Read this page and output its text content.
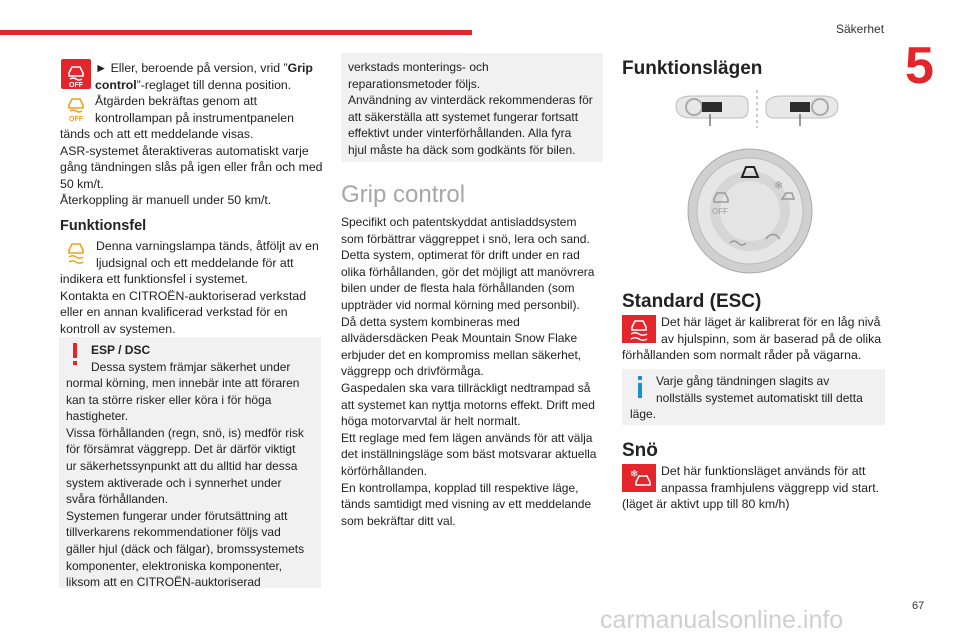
Säkerhet
5
OFF
OFF

► Eller, beroende på version, vrid ”Grip

control”-reglaget till denna position.

Åtgärden bekräftas genom att

kontrollampan på instrumentpanelen

tänds och att ett meddelande visas.

ASR-systemet återaktiveras automatiskt varje

gång tändningen slås på igen eller från och med

50 km/t.

Återkoppling är manuell under 50 km/t.

Funktionsfel

Denna varningslampa tänds, åtföljt av en

ljudsignal och ett meddelande för att

indikera ett funktionsfel i systemet.

Kontakta en CITROËN-auktoriserad verkstad

eller en annan kvalificerad verkstad för en

kontroll av systemen.

ESP / DSC

Dessa system främjar säkerhet under

normal körning, men innebär inte att föraren

kan ta större risker eller köra i för höga

hastigheter.

Vissa förhållanden (regn, snö, is) medför risk

för försämrat väggrepp. Det är därför viktigt

ur säkerhetssynpunkt att du alltid har dessa

system aktiverade och i synnerhet under

svåra förhållanden.

Systemen fungerar under förutsättning att

tillverkarens rekommendationer följs vad

gäller hjul (däck och fälgar), bromssystemets

komponenter, elektroniska komponenter,

liksom att en CITROËN-auktoriserad

verkstads monterings- och

reparationsmetoder följs.

Användning av vinterdäck rekommenderas för

att säkerställa att systemet fungerar fortsatt

effektivt under vinterförhållanden. Alla fyra

hjul måste ha däck som godkänts för bilen.

Grip control

Specifikt och patentskyddat antisladdsystem

som förbättrar väggreppet i snö, lera och sand.

Detta system, optimerat för drift under en rad

olika förhållanden, gör det möjligt att manövrera

bilen under de flesta hala förhållanden (som

uppträder vid normal körning med personbil).

Då detta system kombineras med

allvädersdäcken Peak Mountain Snow Flake

erbjuder det en kompromiss mellan säkerhet,

väggrepp och drivförmåga.

Gaspedalen ska vara tillräckligt nedtrampad så

att systemet kan nyttja motorns effekt. Drift med

höga motorvarvtal är helt normalt.

Ett reglage med fem lägen används för att välja

det inställningsläge som bäst motsvarar aktuella

körförhållanden.

En kontrollampa, kopplad till respektive läge,

tänds samtidigt med visning av ett meddelande

som bekräftar ditt val.

Funktionslägen
OFF
❄
Standard (ESC)

Det här läget är kalibrerat för en låg nivå

av hjulspinn, som är baserad på de olika

förhållanden som normalt råder på vägarna.

Varje gång tändningen slagits av

nollställs systemet automatiskt till detta

läge.

Snö
❄ Det här funktionsläget används för att

anpassa framhjulens väggrepp vid start.

(läget är aktivt upp till 80 km/h)

67
carmanualsonline.info
